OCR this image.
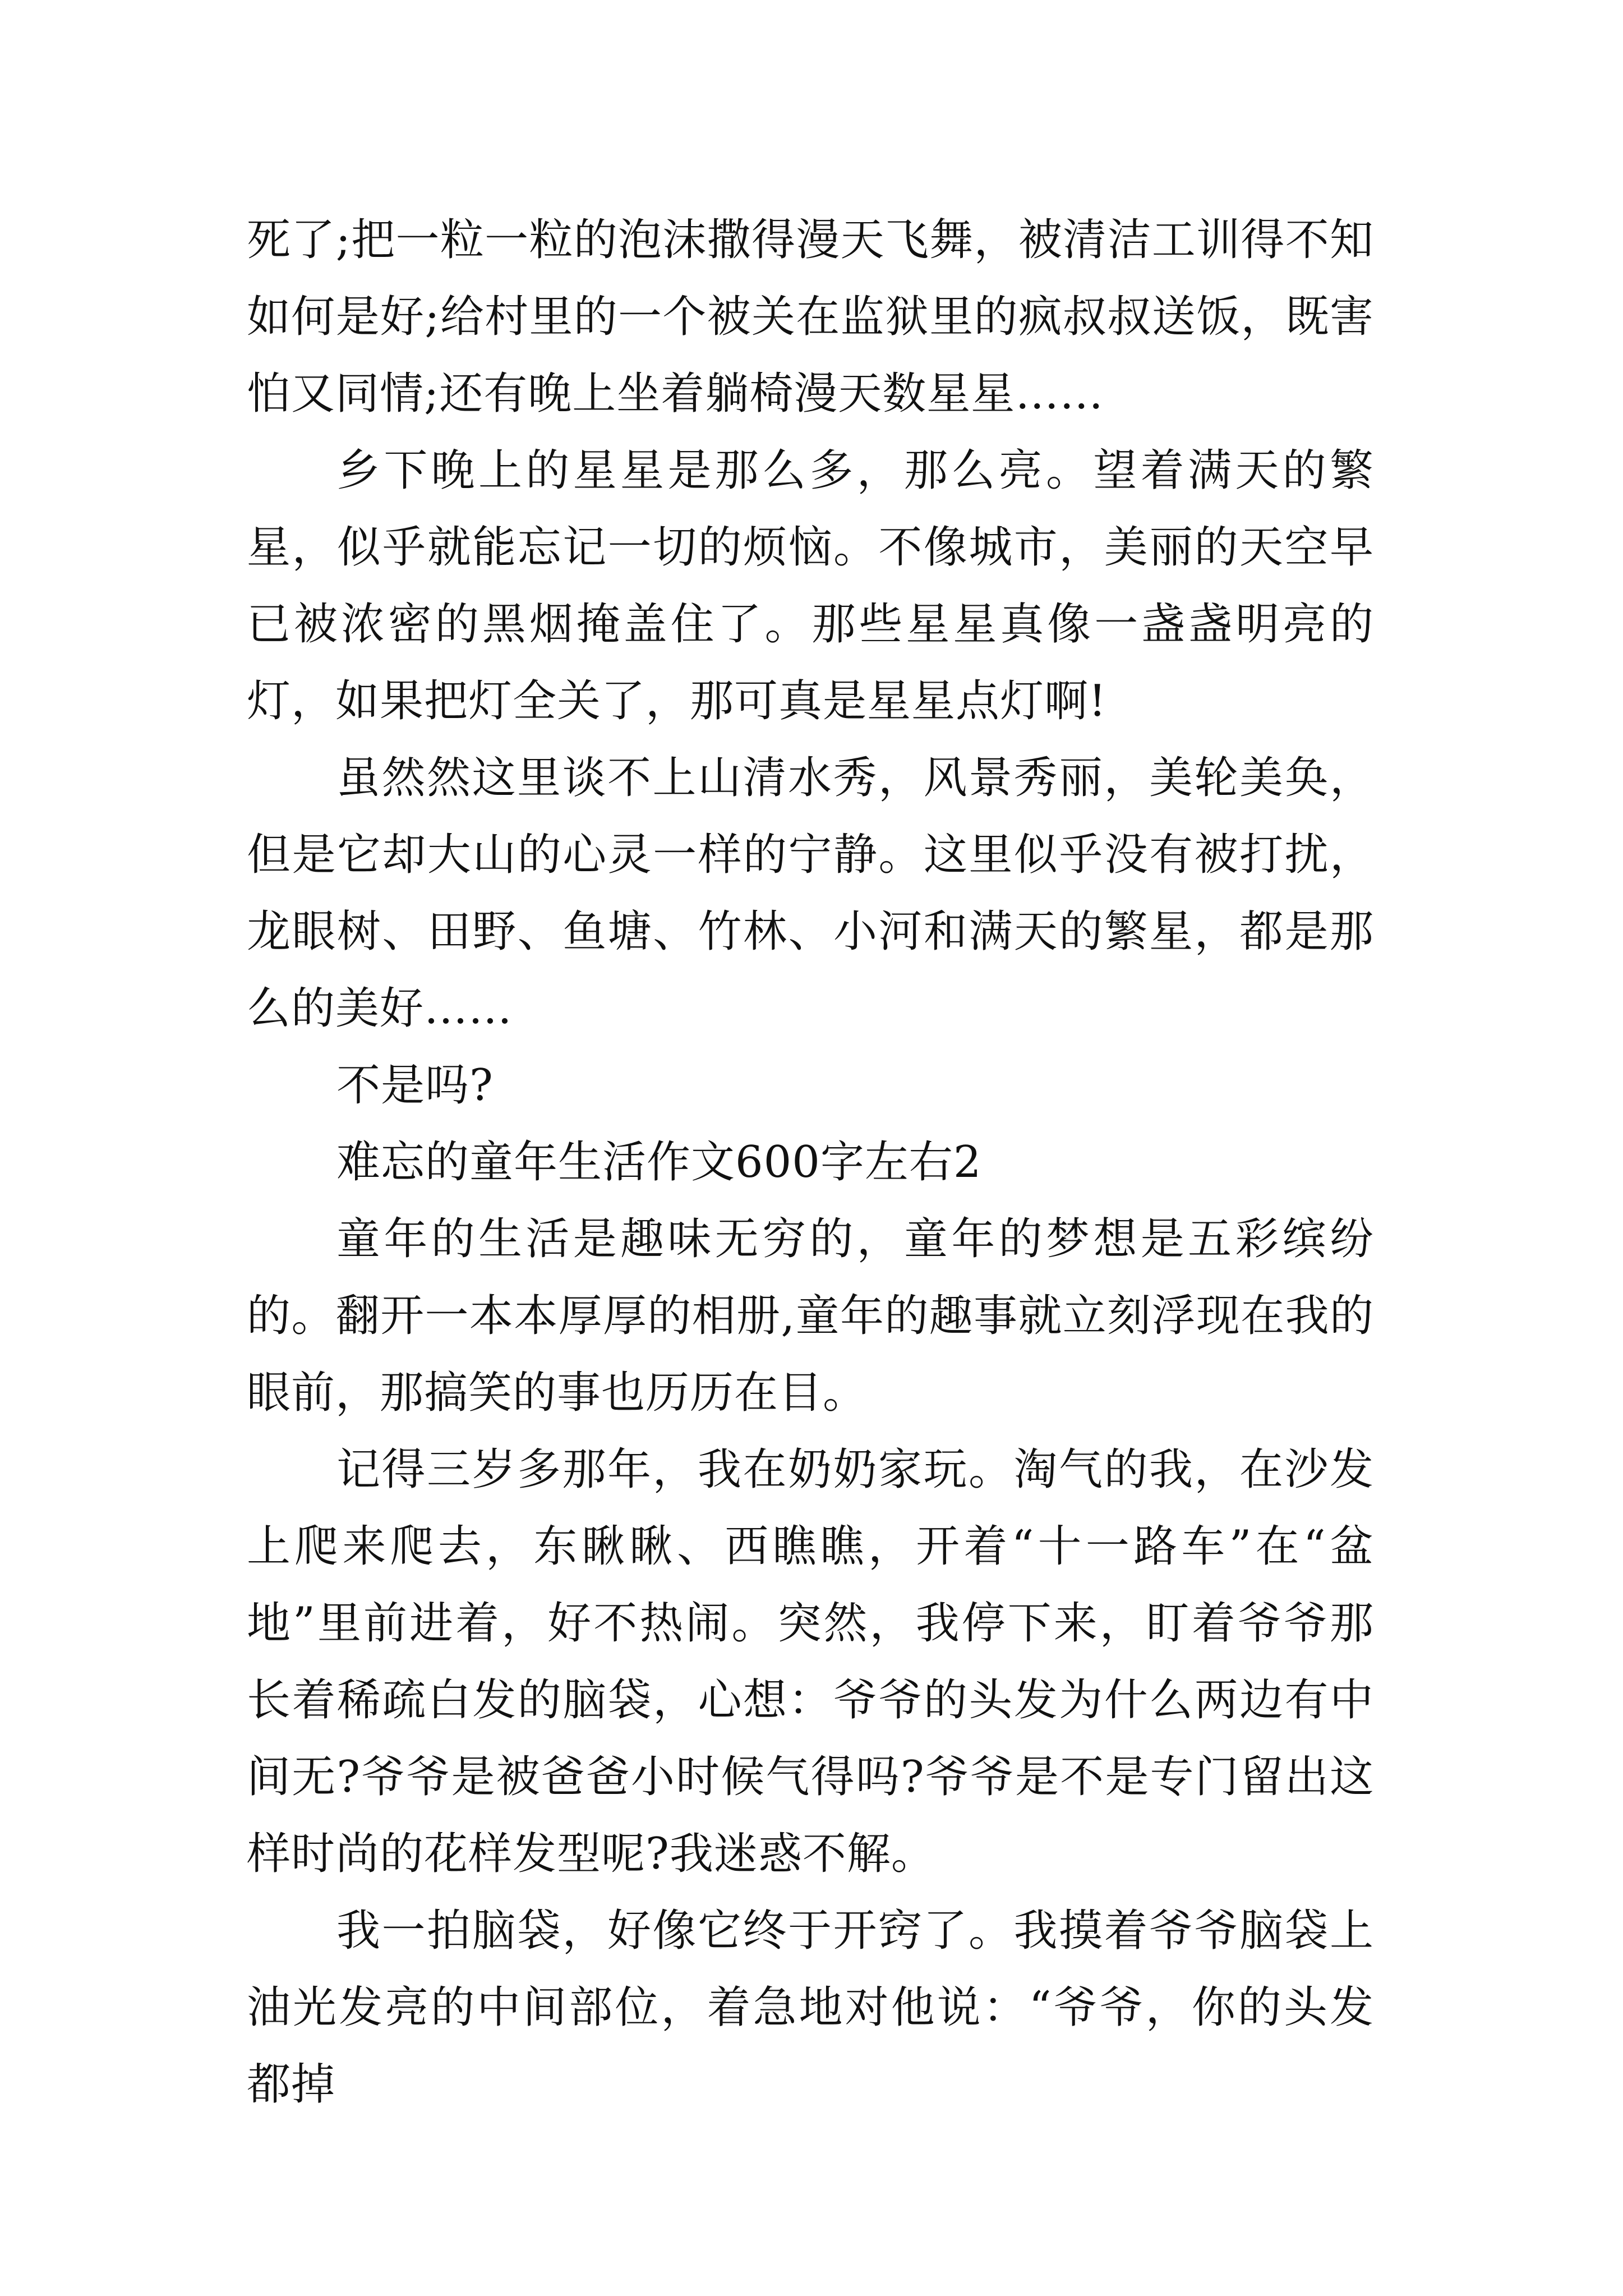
死了;把一粒一粒的泡沫撒得漫天飞舞，被清洁工训得不知如何是好;给村里的一个被关在监狱里的疯叔叔送饭，既害怕又同情;还有晚上坐着躺椅漫天数星星……

乡下晚上的星星是那么多，那么亮。望着满天的繁星，似乎就能忘记一切的烦恼。不像城市，美丽的天空早已被浓密的黑烟掩盖住了。那些星星真像一盏盏明亮的灯，如果把灯全关了，那可真是星星点灯啊!

虽然然这里谈不上山清水秀，风景秀丽，美轮美奂，但是它却大山的心灵一样的宁静。这里似乎没有被打扰，龙眼树、田野、鱼塘、竹林、小河和满天的繁星，都是那么的美好……

不是吗?

难忘的童年生活作文600字左右2

童年的生活是趣味无穷的，童年的梦想是五彩缤纷的。翻开一本本厚厚的相册,童年的趣事就立刻浮现在我的眼前，那搞笑的事也历历在目。

记得三岁多那年，我在奶奶家玩。淘气的我，在沙发上爬来爬去，东瞅瞅、西瞧瞧，开着“十一路车”在“盆地”里前进着，好不热闹。突然，我停下来，盯着爷爷那长着稀疏白发的脑袋，心想：爷爷的头发为什么两边有中间无?爷爷是被爸爸小时候气得吗?爷爷是不是专门留出这样时尚的花样发型呢?我迷惑不解。

我一拍脑袋，好像它终于开窍了。我摸着爷爷脑袋上油光发亮的中间部位，着急地对他说：“爷爷，你的头发都掉
